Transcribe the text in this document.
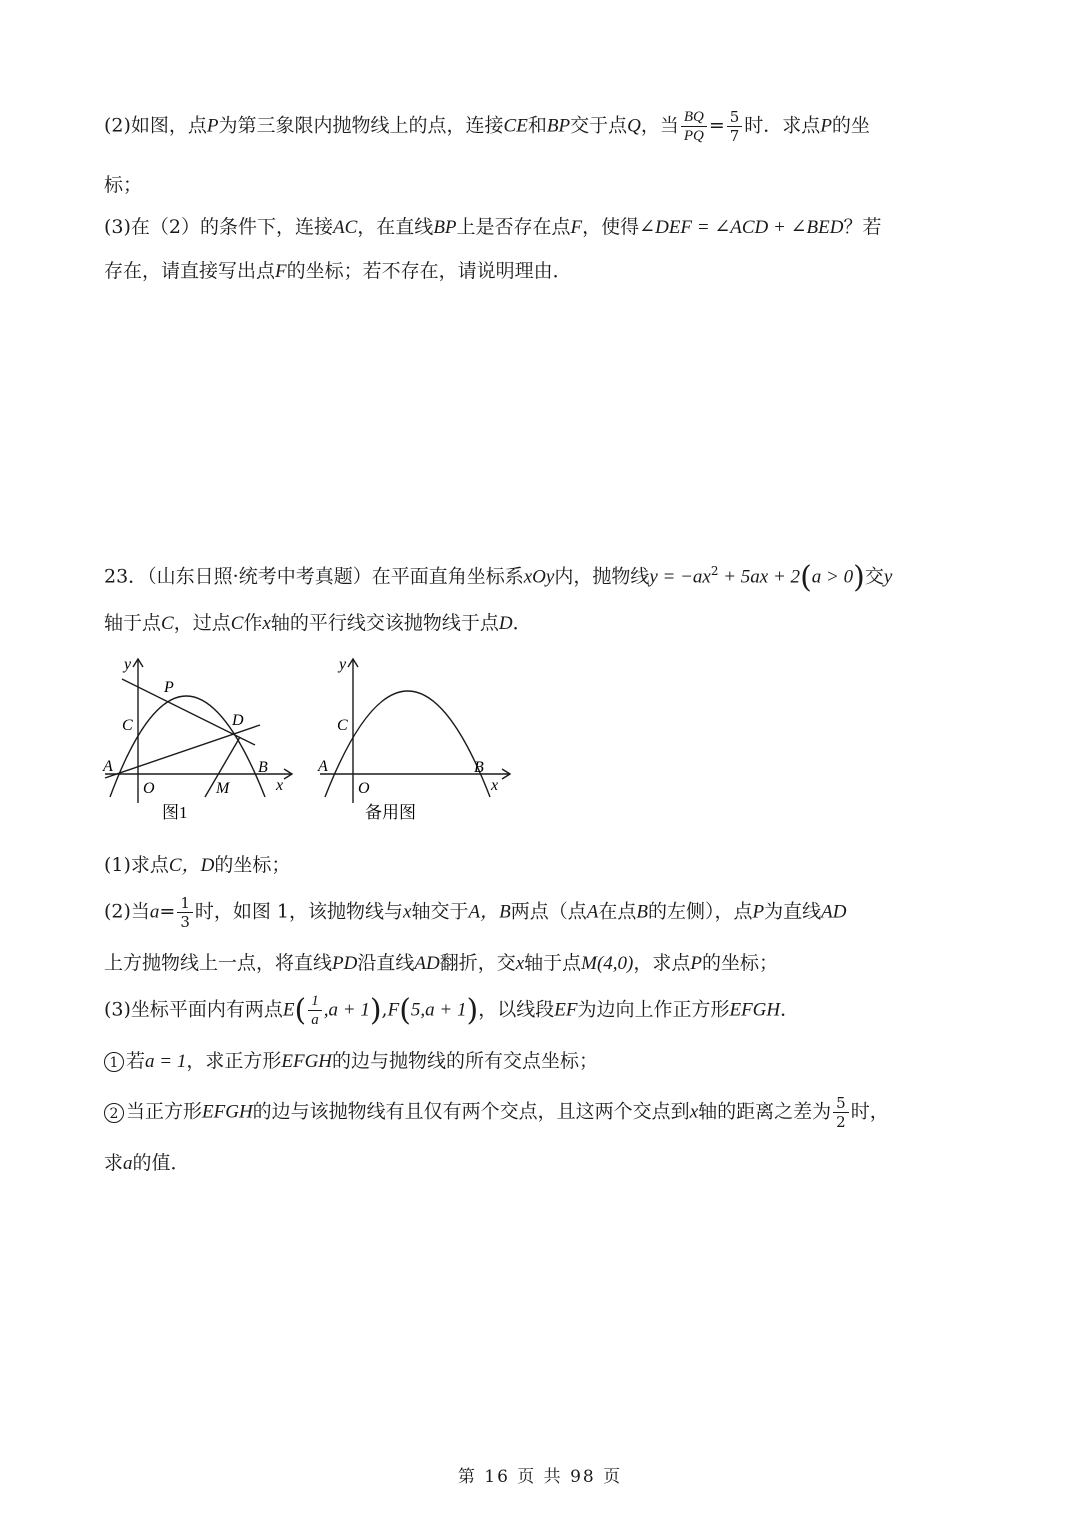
(2)如图，点P为第三象限内抛物线上的点，连接CE和BP交于点Q，当 $\frac{BQ}{PQ} = \frac{5}{7}$ 时．求点P的坐
标；
(3)在（2）的条件下，连接AC，在直线BP上是否存在点F，使得∠DEF = ∠ACD + ∠BED？若
存在，请直接写出点F的坐标；若不存在，请说明理由．
23．（山东日照·统考中考真题）在平面直角坐标系xOy内，抛物线$y = -ax^2 + 5ax + 2(a > 0)$交y
轴于点C，过点C作x轴的平行线交该抛物线于点D．
y
P
C	D
A
O	M
B
x
图1
y
C
A
O
B
x
备用图
(1)求点C，D的坐标；
(2)当$a= \frac{1}{3}$ 时，如图 1，该抛物线与x轴交于A，B两点（点A在点B的左侧），点P为直线AD
上方抛物线上一点，将直线PD沿直线AD翻折，交x轴于点M(4,0)，求点P的坐标；
(3)坐标平面内有两点$E( \frac{1}{a} ,a + 1),F(5,a + 1)$，以线段EF为边向上作正方形EFGH．
1 若a = 1，求正方形EFGH的边与抛物线的所有交点坐标；
2 当正方形EFGH的边与该抛物线有且仅有两个交点，且这两个交点到x轴的距离之差为 $\frac{5}{2}$ 时，
求a的值．
第 16 页 共 98 页
